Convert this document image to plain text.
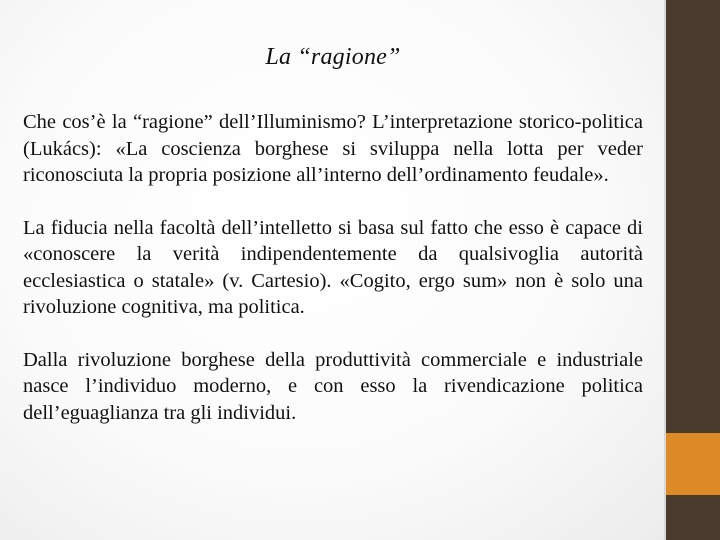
La “ragione”

Che cos’è la “ragione” dell’Illuminismo? L’interpretazione storico-politica (Lukács): «La coscienza borghese si sviluppa nella lotta per veder riconosciuta la propria posizione all’interno dell’ordinamento feudale».

La fiducia nella facoltà dell’intelletto si basa sul fatto che esso è capace di «conoscere la verità indipendentemente da qualsivoglia autorità ecclesiastica o statale» (v. Cartesio). «Cogito, ergo sum» non è solo una rivoluzione cognitiva, ma politica.

Dalla rivoluzione borghese della produttività commerciale e industriale nasce l’individuo moderno, e con esso la rivendicazione politica dell’eguaglianza tra gli individui.
